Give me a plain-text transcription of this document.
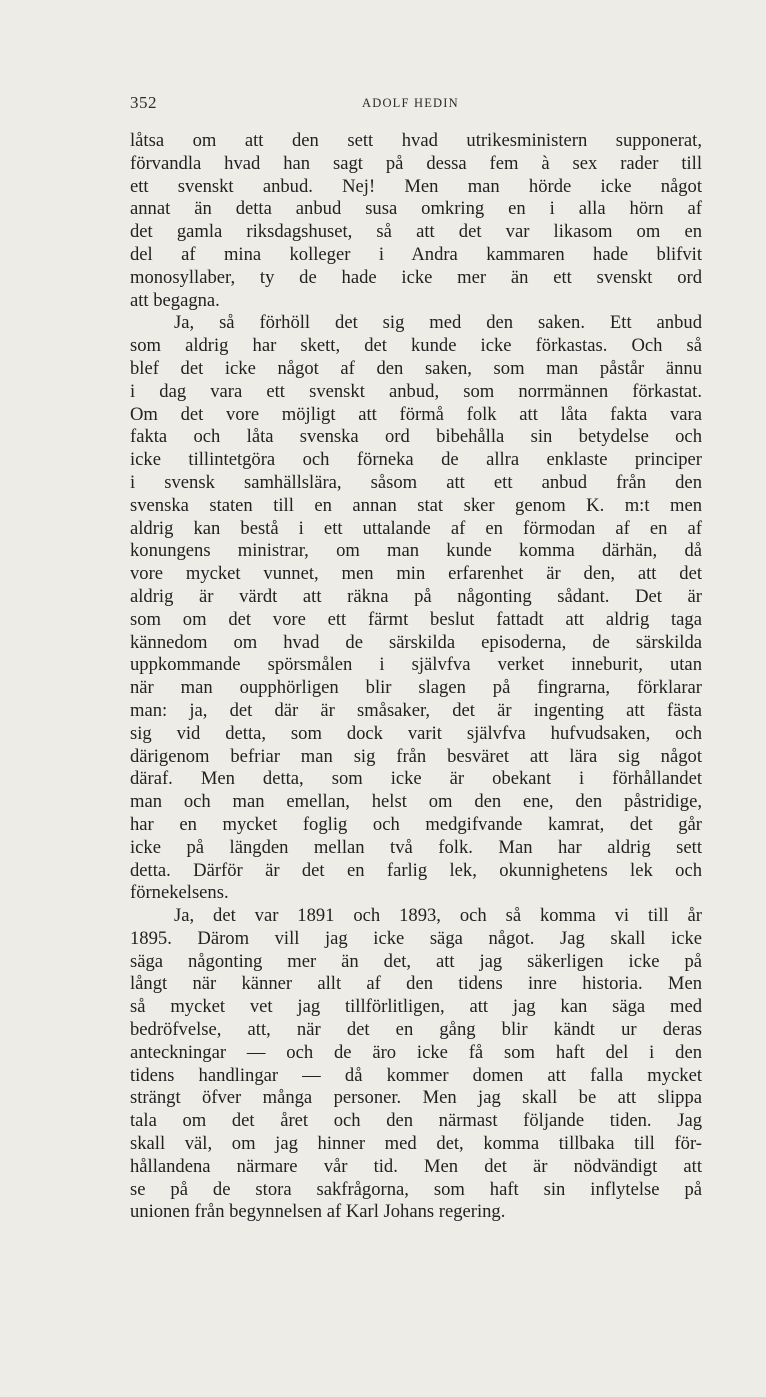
352	ADOLF HEDIN
låtsa om att den sett hvad utrikesministern supponerat,
förvandla hvad han sagt på dessa fem à sex rader till
ett svenskt anbud. Nej! Men man hörde icke något
annat än detta anbud susa omkring en i alla hörn af
det gamla riksdagshuset, så att det var likasom om en
del af mina kolleger i Andra kammaren hade blifvit
monosyllaber, ty de hade icke mer än ett svenskt ord
att begagna.
Ja, så förhöll det sig med den saken. Ett anbud
som aldrig har skett, det kunde icke förkastas. Och så
blef det icke något af den saken, som man påstår ännu
i dag vara ett svenskt anbud, som norrmännen förkastat.
Om det vore möjligt att förmå folk att låta fakta vara
fakta och låta svenska ord bibehålla sin betydelse och
icke tillintetgöra och förneka de allra enklaste principer
i svensk samhällslära, såsom att ett anbud från den
svenska staten till en annan stat sker genom K. m:t men
aldrig kan bestå i ett uttalande af en förmodan af en af
konungens ministrar, om man kunde komma därhän, då
vore mycket vunnet, men min erfarenhet är den, att det
aldrig är värdt att räkna på någonting sådant. Det är
som om det vore ett färmt beslut fattadt att aldrig taga
kännedom om hvad de särskilda episoderna, de särskilda
uppkommande spörsmålen i självfva verket inneburit, utan
när man oupphörligen blir slagen på fingrarna, förklarar
man: ja, det där är småsaker, det är ingenting att fästa
sig vid detta, som dock varit självfva hufvudsaken, och
därigenom befriar man sig från besväret att lära sig något
däraf. Men detta, som icke är obekant i förhållandet
man och man emellan, helst om den ene, den påstridige,
har en mycket foglig och medgifvande kamrat, det går
icke på längden mellan två folk. Man har aldrig sett
detta. Därför är det en farlig lek, okunnighetens lek och
förnekelsens.
Ja, det var 1891 och 1893, och så komma vi till år
1895. Därom vill jag icke säga något. Jag skall icke
säga någonting mer än det, att jag säkerligen icke på
långt när känner allt af den tidens inre historia. Men
så mycket vet jag tillförlitligen, att jag kan säga med
bedröfvelse, att, när det en gång blir kändt ur deras
anteckningar — och de äro icke få som haft del i den
tidens handlingar — då kommer domen att falla mycket
strängt öfver många personer. Men jag skall be att slippa
tala om det året och den närmast följande tiden. Jag
skall väl, om jag hinner med det, komma tillbaka till för-
hållandena närmare vår tid. Men det är nödvändigt att
se på de stora sakfrågorna, som haft sin inflytelse på
unionen från begynnelsen af Karl Johans regering.
